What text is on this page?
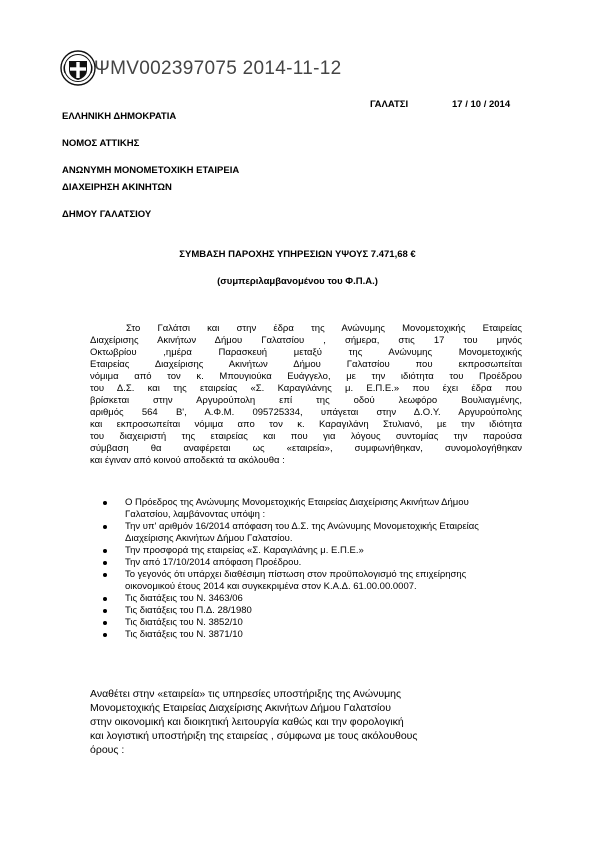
ΨΜV002397075 2014-11-12
ΓΑΛΑΤΣΙ	17 / 10 / 2014
ΕΛΛΗΝΙΚΗ ΔΗΜΟΚΡΑΤΙΑ
ΝΟΜΟΣ ΑΤΤΙΚΗΣ
ΑΝΩΝΥΜΗ ΜΟΝΟΜΕΤΟΧΙΚΗ ΕΤΑΙΡΕΙΑ
ΔΙΑΧΕΙΡΗΣΗ ΑΚΙΝΗΤΩΝ
ΔΗΜΟΥ ΓΑΛΑΤΣΙΟΥ
ΣΥΜΒΑΣΗ ΠΑΡΟΧΗΣ ΥΠΗΡΕΣΙΩΝ ΥΨΟΥΣ 7.471,68 €
(συμπεριλαμβανομένου του Φ.Π.Α.)
Στο Γαλάτσι και στην έδρα της Ανώνυμης Μονομετοχικής Εταιρείας
Διαχείρισης Ακινήτων Δήμου Γαλατσίου , σήμερα, στις 17 του μηνός
Οκτωβρίου ,ημέρα Παρασκευή μεταξύ της Ανώνυμης Μονομετοχικής
Εταιρείας Διαχείρισης Ακινήτων Δήμου Γαλατσίου που εκπροσωπείται
νόμιμα από τον κ. Μπουγιούκα Ευάγγελο, με την ιδιότητα του Προέδρου
του Δ.Σ. και της εταιρείας «Σ. Καραγιλάνης μ. Ε.Π.Ε.» που έχει έδρα που
βρίσκεται στην Αργυρούπολη επί της οδού λεωφόρο Βουλιαγμένης,
αριθμός 564 Β', Α.Φ.Μ. 095725334, υπάγεται στην Δ.Ο.Υ. Αργυρούπολης
και εκπροσωπείται νόμιμα απο τον κ. Καραγιλάνη Στυλιανό, με την ιδιότητα
του διαχειριστή της εταιρείας και που για λόγους συντομίας την παρούσα
σύμβαση θα αναφέρεται ως «εταιρεία», συμφωνήθηκαν, συνομολογήθηκαν
και έγιναν από κοινού αποδεκτά τα ακόλουθα :
Ο Πρόεδρος της Ανώνυμης Μονομετοχικής Εταιρείας Διαχείρισης Ακινήτων Δήμου Γαλατσίου, λαμβάνοντας υπόψη :
Την υπ' αριθμόν 16/2014 απόφαση του Δ.Σ. της Ανώνυμης Μονομετοχικής Εταιρείας Διαχείρισης Ακινήτων Δήμου Γαλατσίου.
Την προσφορά της εταιρείας «Σ. Καραγιλάνης μ. Ε.Π.Ε.»
Την από 17/10/2014 απόφαση Προέδρου.
Το γεγονός ότι υπάρχει διαθέσιμη πίστωση στον προϋπολογισμό της επιχείρησης οικονομικού έτους 2014 και συγκεκριμένα στον Κ.Α.Δ. 61.00.00.0007.
Τις διατάξεις του Ν. 3463/06
Τις διατάξεις του Π.Δ. 28/1980
Τις διατάξεις του Ν. 3852/10
Τις διατάξεις του Ν. 3871/10
Αναθέτει στην «εταιρεία» τις υπηρεσίες υποστήριξης της Ανώνυμης
Μονομετοχικής Εταιρείας Διαχείρισης Ακινήτων Δήμου Γαλατσίου
στην οικονομική και διοικητική λειτουργία καθώς και την φορολογική
και λογιστική υποστήριξη της εταιρείας , σύμφωνα με τους ακόλουθους
όρους :
